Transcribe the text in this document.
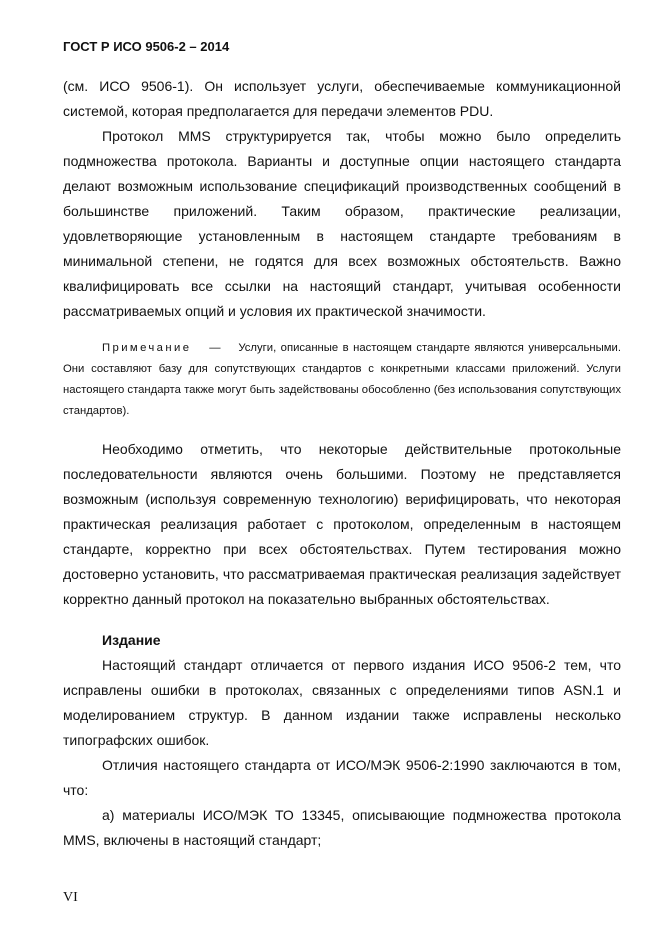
ГОСТ Р ИСО 9506-2 – 2014

(см. ИСО 9506-1). Он использует услуги, обеспечиваемые коммуникационной системой, которая предполагается для передачи элементов PDU.

Протокол MMS структурируется так, чтобы можно было определить подмножества протокола. Варианты и доступные опции настоящего стандарта делают возможным использование спецификаций производственных сообщений в большинстве приложений. Таким образом, практические реализации, удовлетворяющие установленным в настоящем стандарте требованиям в минимальной степени, не годятся для всех возможных обстоятельств. Важно квалифицировать все ссылки на настоящий стандарт, учитывая особенности рассматриваемых опций и условия их практической значимости.

Примечание — Услуги, описанные в настоящем стандарте являются универсальными. Они составляют базу для сопутствующих стандартов с конкретными классами приложений. Услуги настоящего стандарта также могут быть задействованы обособленно (без использования сопутствующих стандартов).

Необходимо отметить, что некоторые действительные протокольные последовательности являются очень большими. Поэтому не представляется возможным (используя современную технологию) верифицировать, что некоторая практическая реализация работает с протоколом, определенным в настоящем стандарте, корректно при всех обстоятельствах. Путем тестирования можно достоверно установить, что рассматриваемая практическая реализация задействует корректно данный протокол на показательно выбранных обстоятельствах.

Издание

Настоящий стандарт отличается от первого издания ИСО 9506-2 тем, что исправлены ошибки в протоколах, связанных с определениями типов ASN.1 и моделированием структур. В данном издании также исправлены несколько типографских ошибок.

Отличия настоящего стандарта от ИСО/МЭК 9506-2:1990 заключаются в том, что:

а) материалы ИСО/МЭК ТО 13345, описывающие подмножества протокола MMS, включены в настоящий стандарт;

VI
